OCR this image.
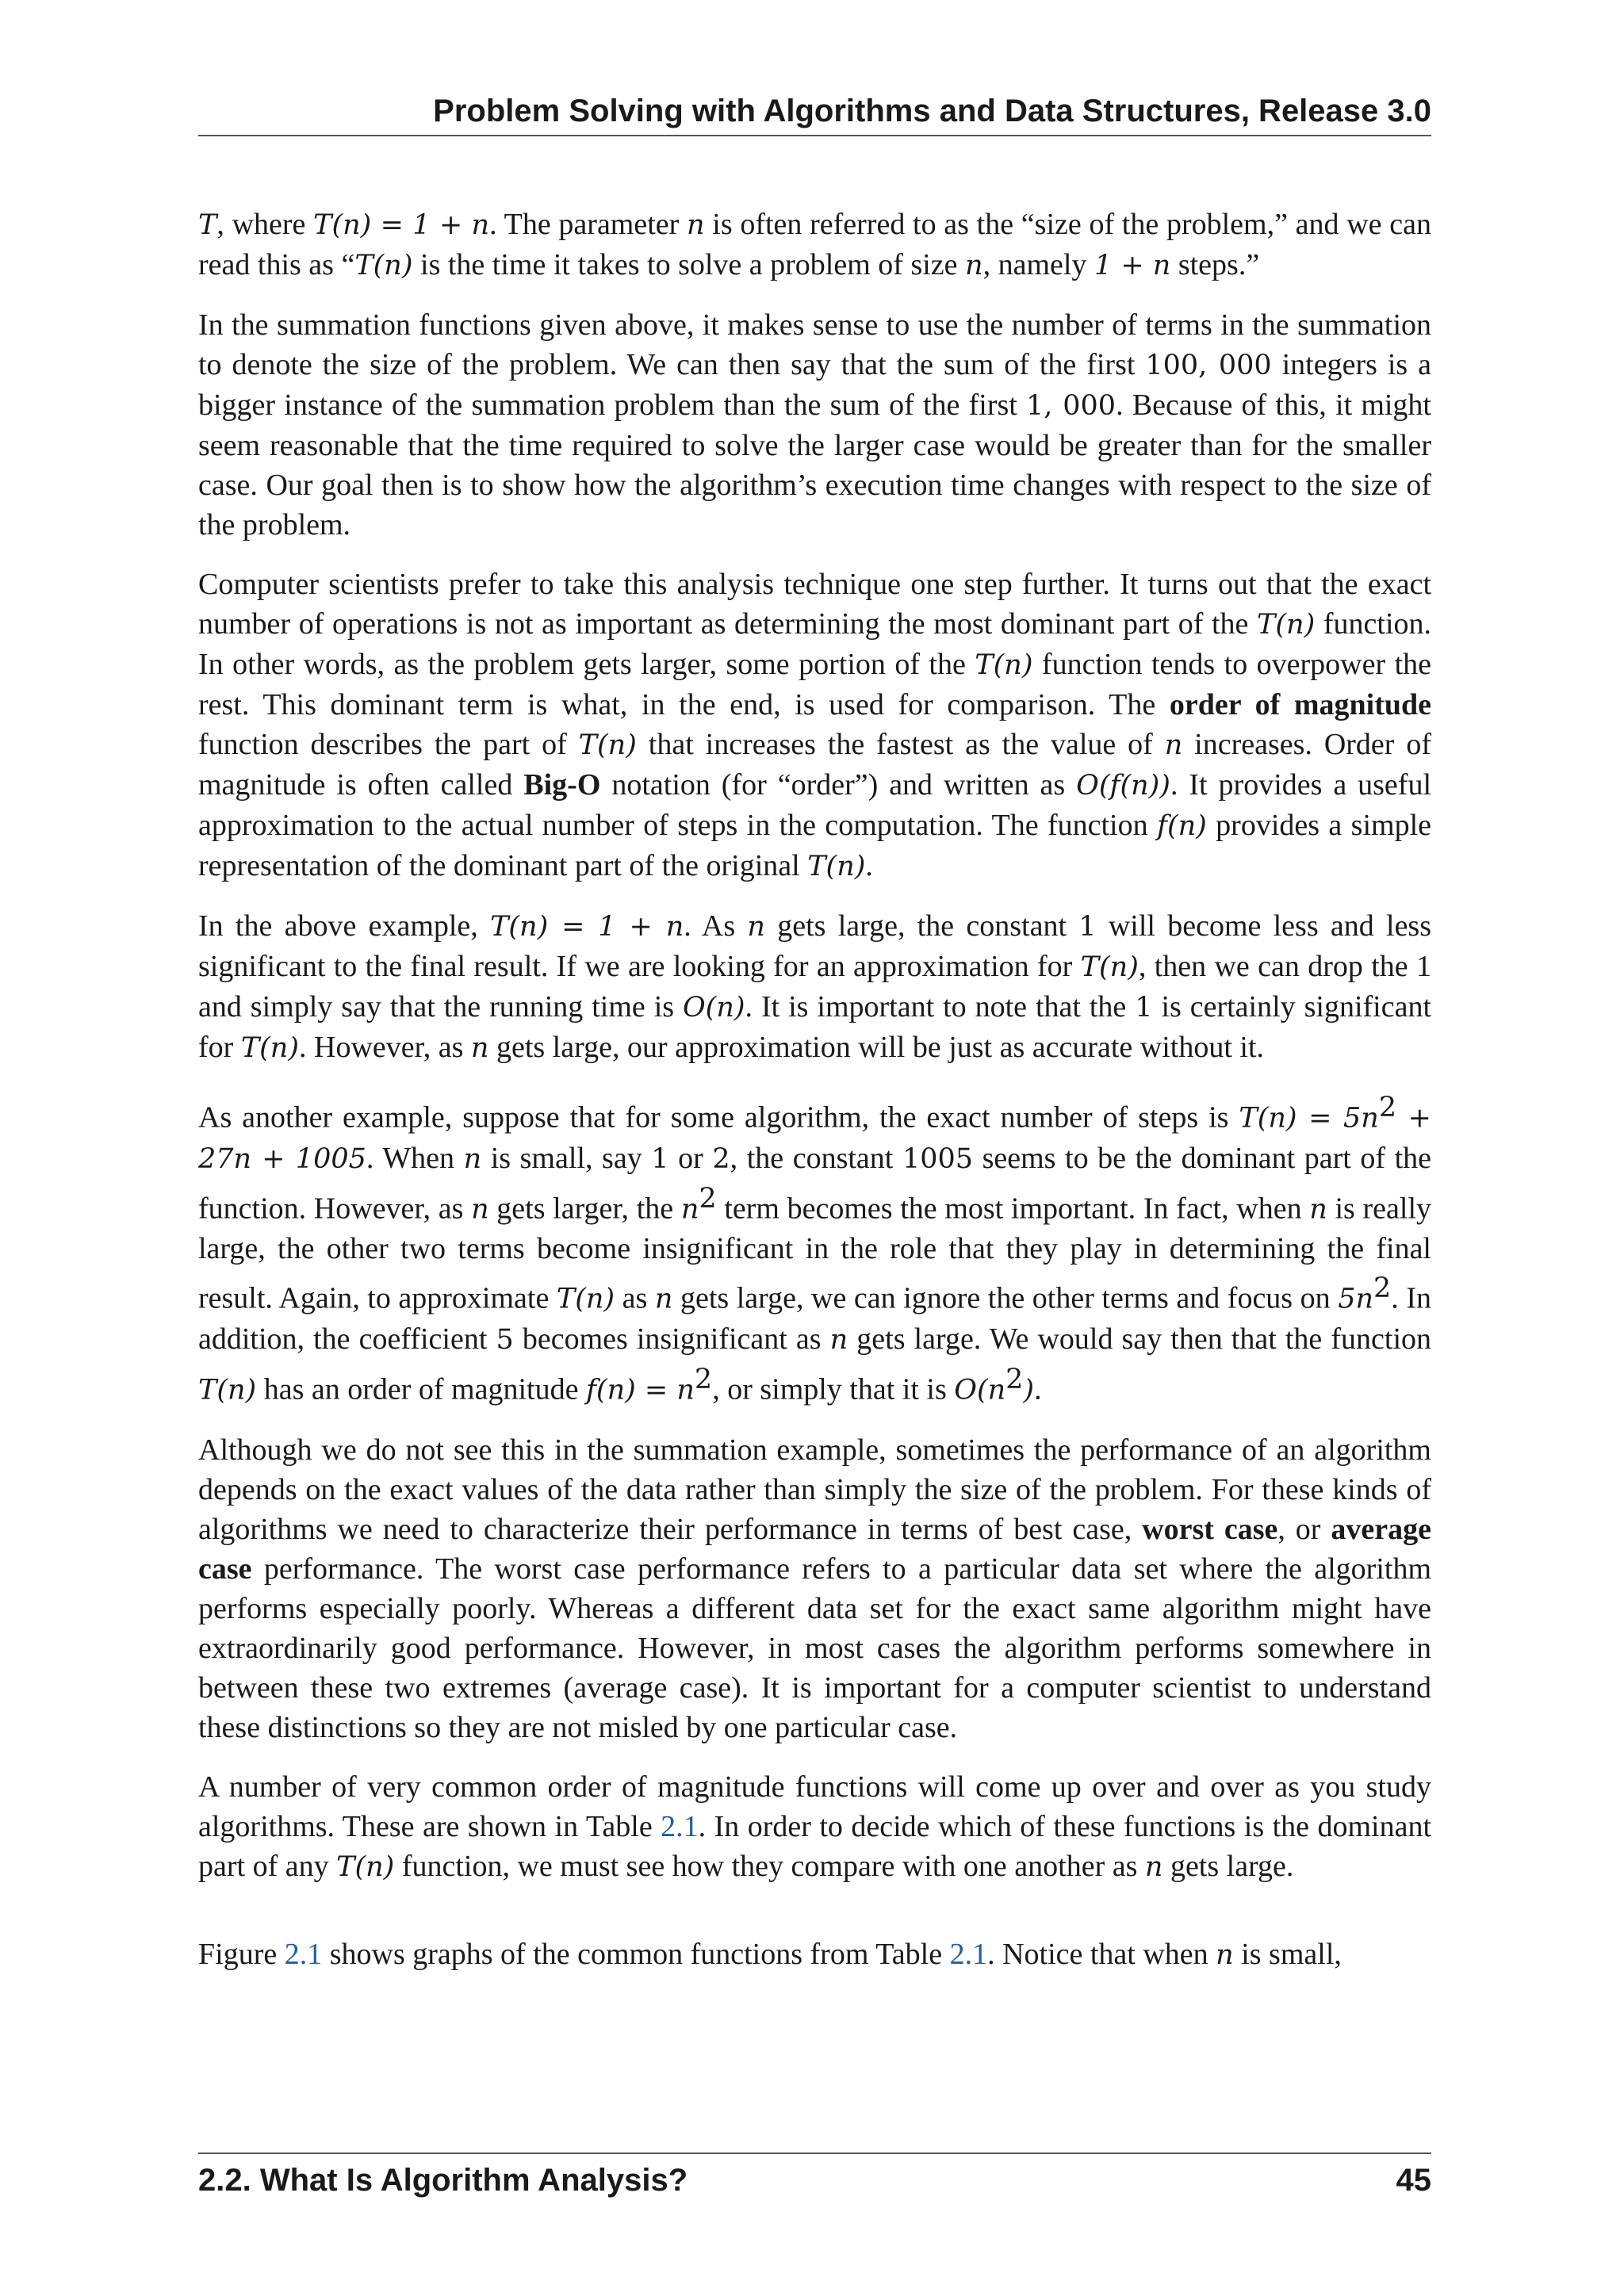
Problem Solving with Algorithms and Data Structures, Release 3.0

T, where T(n) = 1 + n. The parameter n is often referred to as the “size of the problem,” and we can read this as “T(n) is the time it takes to solve a problem of size n, namely 1 + n steps.”

In the summation functions given above, it makes sense to use the number of terms in the summation to denote the size of the problem. We can then say that the sum of the first 100, 000 integers is a bigger instance of the summation problem than the sum of the first 1, 000. Because of this, it might seem reasonable that the time required to solve the larger case would be greater than for the smaller case. Our goal then is to show how the algorithm’s execution time changes with respect to the size of the problem.

Computer scientists prefer to take this analysis technique one step further. It turns out that the exact number of operations is not as important as determining the most dominant part of the T(n) function. In other words, as the problem gets larger, some portion of the T(n) function tends to overpower the rest. This dominant term is what, in the end, is used for comparison. The order of magnitude function describes the part of T(n) that increases the fastest as the value of n increases. Order of magnitude is often called Big-O notation (for “order”) and written as O(f(n)). It provides a useful approximation to the actual number of steps in the computation. The function f(n) provides a simple representation of the dominant part of the original T(n).

In the above example, T(n) = 1 + n. As n gets large, the constant 1 will become less and less significant to the final result. If we are looking for an approximation for T(n), then we can drop the 1 and simply say that the running time is O(n). It is important to note that the 1 is certainly significant for T(n). However, as n gets large, our approximation will be just as accurate without it.

As another example, suppose that for some algorithm, the exact number of steps is $T(n) = 5n^2 + 27n + 1005$. When n is small, say 1 or 2, the constant 1005 seems to be the dominant part of the function. However, as n gets larger, the $n^2$ term becomes the most important. In fact, when n is really large, the other two terms become insignificant in the role that they play in determining the final result. Again, to approximate T(n) as n gets large, we can ignore the other terms and focus on $5n^2$. In addition, the coefficient 5 becomes insignificant as n gets large. We would say then that the function T(n) has an order of magnitude $f(n) = n^2$, or simply that it is $O(n^2)$.

Although we do not see this in the summation example, sometimes the performance of an algorithm depends on the exact values of the data rather than simply the size of the problem. For these kinds of algorithms we need to characterize their performance in terms of best case, worst case, or average case performance. The worst case performance refers to a particular data set where the algorithm performs especially poorly. Whereas a different data set for the exact same algorithm might have extraordinarily good performance. However, in most cases the algorithm performs somewhere in between these two extremes (average case). It is important for a computer scientist to understand these distinctions so they are not misled by one particular case.

A number of very common order of magnitude functions will come up over and over as you study algorithms. These are shown in Table 2.1. In order to decide which of these functions is the dominant part of any T(n) function, we must see how they compare with one another as n gets large.

Figure 2.1 shows graphs of the common functions from Table 2.1. Notice that when n is small,

2.2. What Is Algorithm Analysis?	45
